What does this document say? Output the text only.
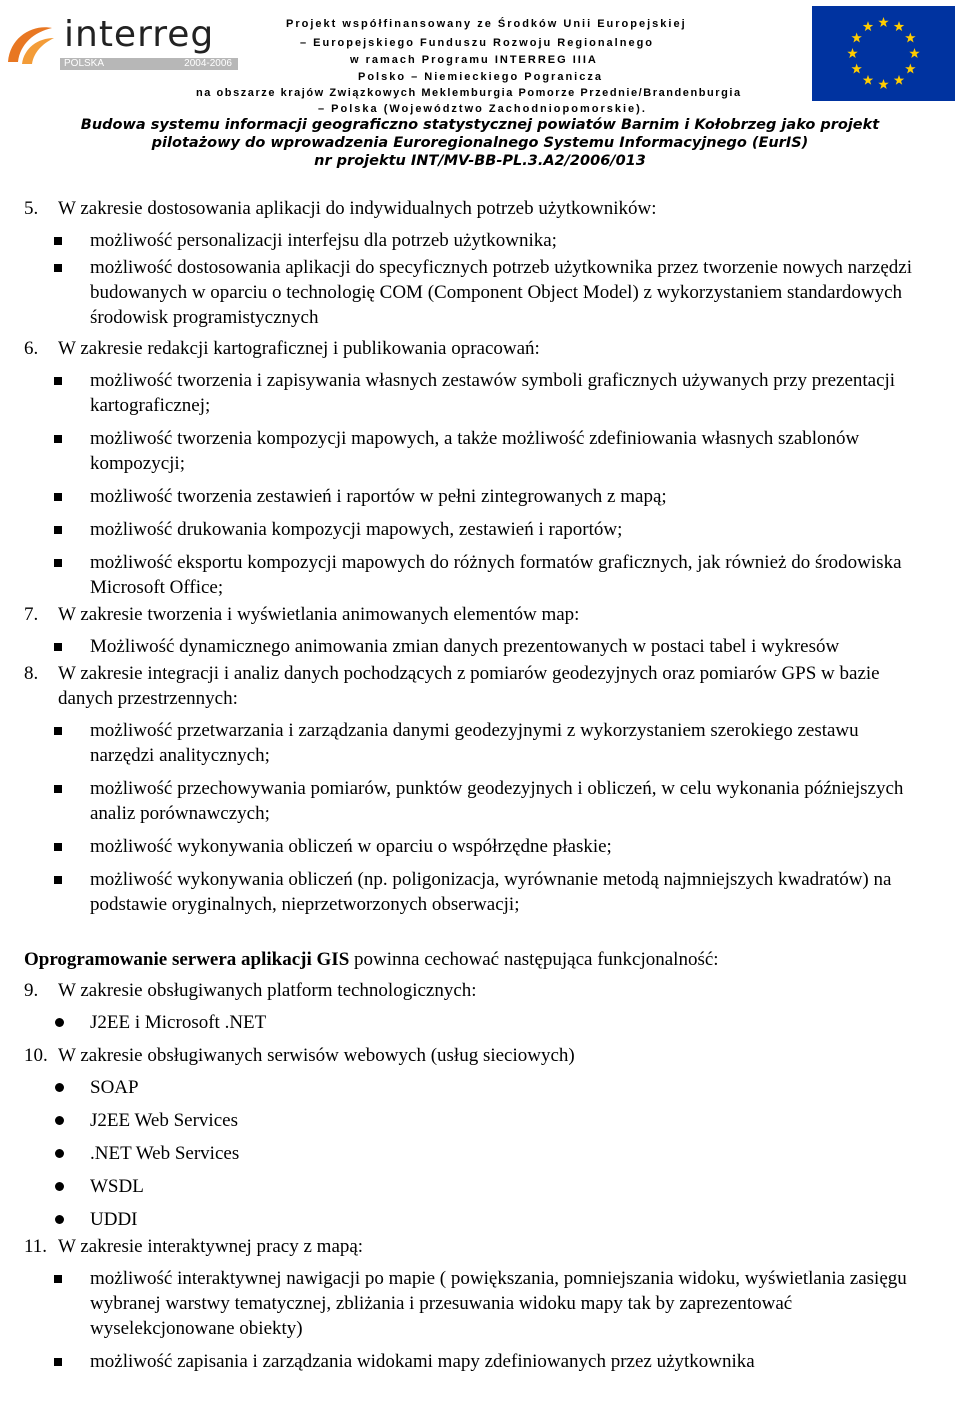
interreg
POLSKA	2004-2006
Projekt współfinansowany ze Środków Unii Europejskiej
– Europejskiego Funduszu Rozwoju Regionalnego
w ramach Programu INTERREG IIIA
Polsko – Niemieckiego Pogranicza
na obszarze krajów Związkowych Meklemburgia Pomorze Przednie/Brandenburgia
– Polska (Województwo Zachodniopomorskie).
Budowa systemu informacji geograficzno statystycznej powiatów Barnim i Kołobrzeg jako projekt
pilotażowy do wprowadzenia Euroregionalnego Systemu Informacyjnego (EurIS)
nr projektu INT/MV-BB-PL.3.A2/2006/013
5. W zakresie dostosowania aplikacji do indywidualnych potrzeb użytkowników:
możliwość personalizacji interfejsu dla potrzeb użytkownika;
możliwość dostosowania aplikacji do specyficznych potrzeb użytkownika przez tworzenie nowych narzędzi budowanych w oparciu o technologię COM (Component Object Model) z wykorzystaniem standardowych środowisk programistycznych
6. W zakresie redakcji kartograficznej i publikowania opracowań:
możliwość tworzenia i zapisywania własnych zestawów symboli graficznych używanych przy prezentacji kartograficznej;
możliwość tworzenia kompozycji mapowych, a także możliwość zdefiniowania własnych szablonów kompozycji;
możliwość tworzenia zestawień i raportów w pełni zintegrowanych z mapą;
możliwość drukowania kompozycji mapowych, zestawień i raportów;
możliwość eksportu kompozycji mapowych do różnych formatów graficznych, jak również do środowiska Microsoft Office;
7. W zakresie tworzenia i wyświetlania animowanych elementów map:
Możliwość dynamicznego animowania zmian danych prezentowanych w postaci tabel i wykresów
8. W zakresie integracji i analiz danych pochodzących z pomiarów geodezyjnych oraz pomiarów GPS w bazie danych przestrzennych:
możliwość przetwarzania i zarządzania danymi geodezyjnymi z wykorzystaniem szerokiego zestawu narzędzi analitycznych;
możliwość przechowywania pomiarów, punktów geodezyjnych i obliczeń, w celu wykonania późniejszych analiz porównawczych;
możliwość wykonywania obliczeń w oparciu o współrzędne płaskie;
możliwość wykonywania obliczeń (np. poligonizacja, wyrównanie metodą najmniejszych kwadratów) na podstawie oryginalnych, nieprzetworzonych obserwacji;
Oprogramowanie serwera aplikacji GIS powinna cechować następująca funkcjonalność:
9. W zakresie obsługiwanych platform technologicznych:
J2EE i Microsoft .NET
10. W zakresie obsługiwanych serwisów webowych (usług sieciowych)
SOAP
J2EE Web Services
.NET Web Services
WSDL
UDDI
11. W zakresie interaktywnej pracy z mapą:
możliwość interaktywnej nawigacji po mapie ( powiększania, pomniejszania widoku, wyświetlania zasięgu wybranej warstwy tematycznej, zbliżania i przesuwania widoku mapy tak by zaprezentować wyselekcjonowane obiekty)
możliwość zapisania i zarządzania widokami mapy zdefiniowanych przez użytkownika
